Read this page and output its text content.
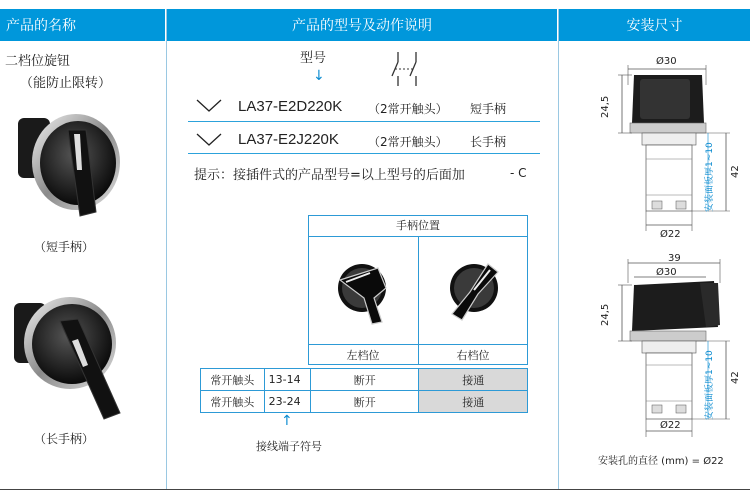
产品的名称	产品的型号及动作说明	安装尺寸
二档位旋钮
（能防止限转）
（短手柄）
（长手柄）
型号
↓
LA37-E2D220K （2常开触头） 短手柄
LA37-E2J220K （2常开触头） 长手柄
提示：接插件式的产品型号=以上型号的后面加	- C
手柄位置
左档位	右档位
常开触头	13-14	断开	接通
常开触头	23-24	断开	接通
↑
接线端子符号
Ø30
24,5
42
Ø22
安装面板厚1~10
39
Ø30
24,5
42
Ø22
安装面板厚1~10
安装孔的直径 (mm) = Ø22
